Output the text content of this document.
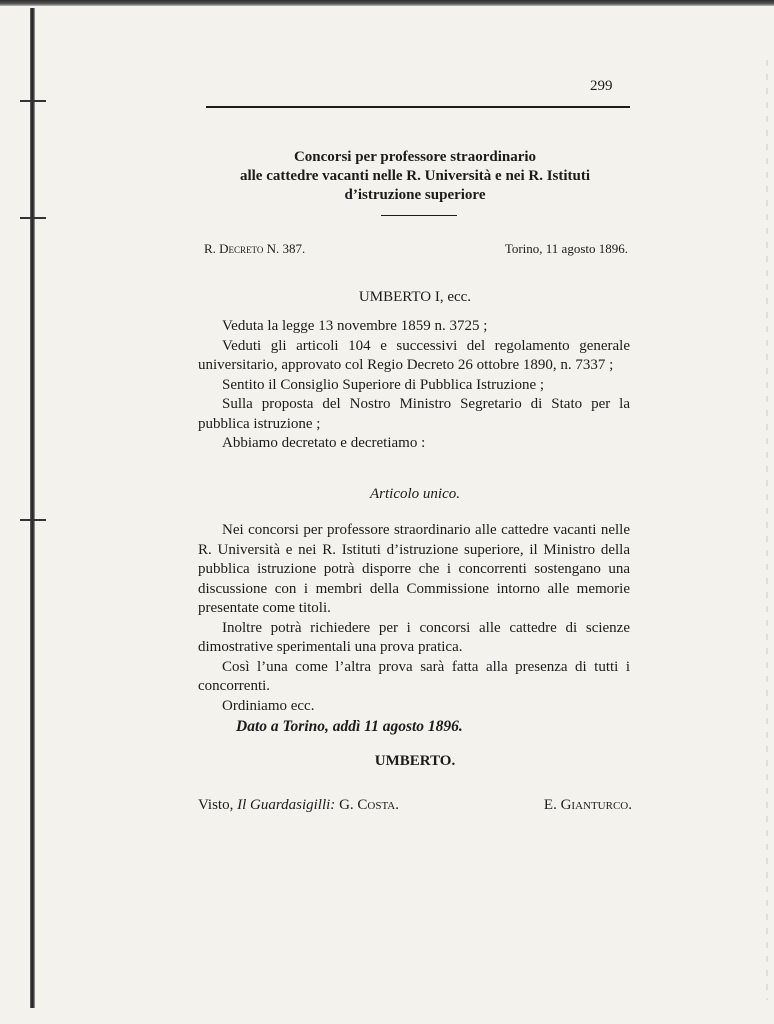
299
Concorsi per professore straordinario
alle cattedre vacanti nelle R. Università e nei R. Istituti
d’istruzione superiore
R. Decreto N. 387.	Torino, 11 agosto 1896.
UMBERTO I, ecc.

Veduta la legge 13 novembre 1859 n. 3725 ;

Veduti gli articoli 104 e successivi del regolamento generale universitario, approvato col Regio Decreto 26 ottobre 1890, n. 7337 ;

Sentito il Consiglio Superiore di Pubblica Istruzione ;

Sulla proposta del Nostro Ministro Segretario di Stato per la pubblica istruzione ;

Abbiamo decretato e decretiamo :

Articolo unico.

Nei concorsi per professore straordinario alle cattedre vacanti nelle R. Università e nei R. Istituti d’istruzione superiore, il Ministro della pubblica istruzione potrà disporre che i concorrenti sostengano una discussione con i membri della Commissione intorno alle memorie presentate come titoli.

Inoltre potrà richiedere per i concorsi alle cattedre di scienze dimostrative sperimentali una prova pratica.

Così l’una come l’altra prova sarà fatta alla presenza di tutti i concorrenti.

Ordiniamo ecc.

Dato a Torino, addì 11 agosto 1896.
UMBERTO.
Visto, Il Guardasigilli: G. Costa.	E. Gianturco.
